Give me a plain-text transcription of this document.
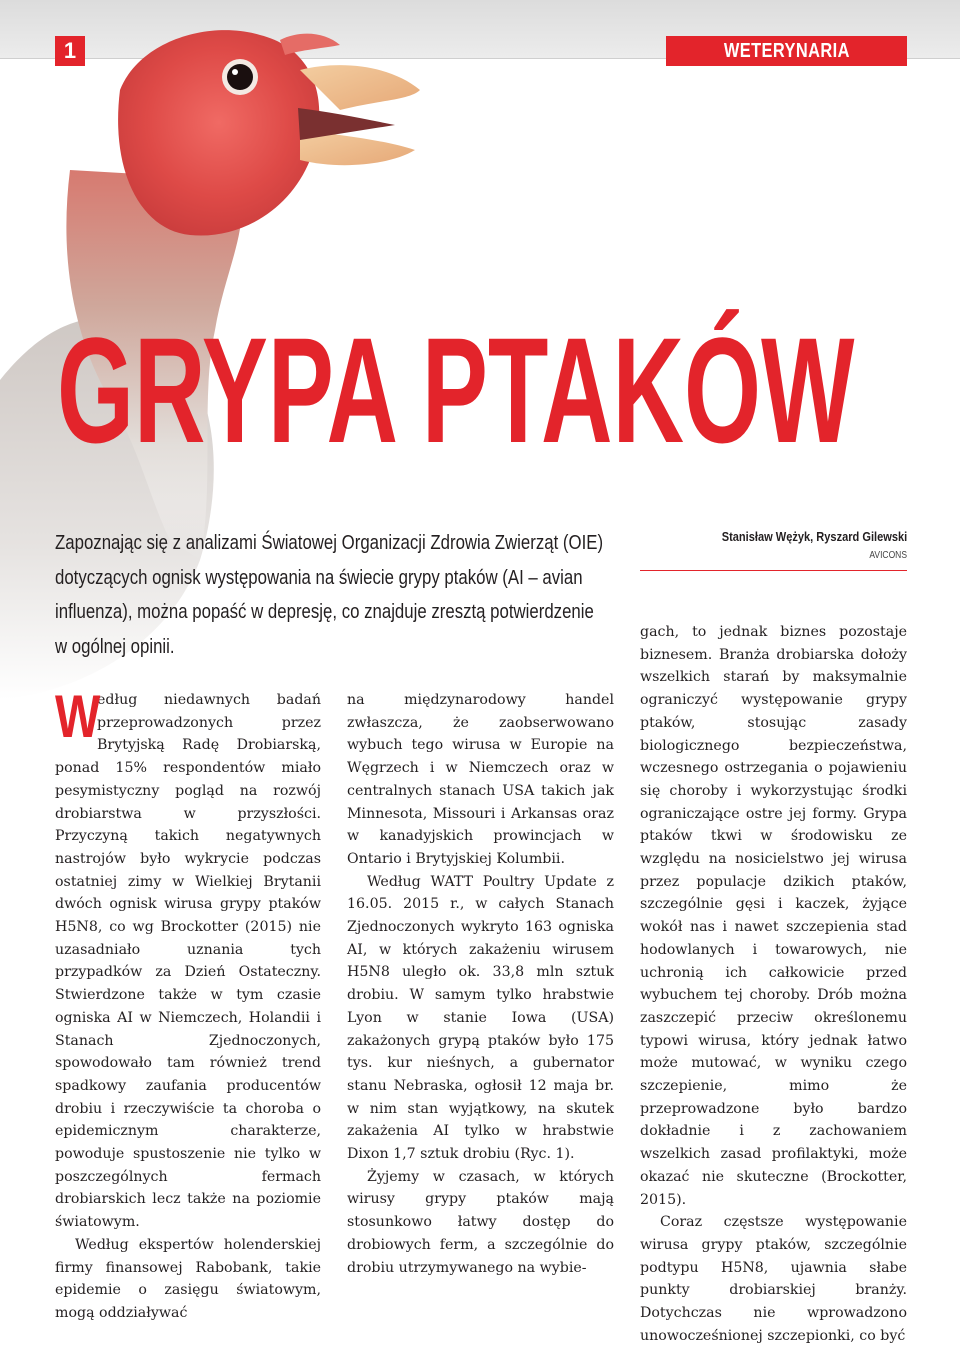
1	WETERYNARIA
GRYPA PTAKÓW
Zapoznając się z analizami Światowej Organizacji Zdrowia Zwierząt (OIE)
dotyczących ognisk występowania na świecie grypy ptaków (AI – avian
influenza), można popaść w depresję, co znajduje zresztą potwierdzenie
w ogólnej opinii.
Stanisław Wężyk, Ryszard Gilewski
AVICONS

W
edług niedawnych badań przeprowadzonych przez Brytyjską Radę Drobiarską, ponad 15% respondentów miało pesymistyczny pogląd na rozwój drobiarstwa w przyszłości. Przyczyną takich negatywnych nastrojów było wykrycie podczas ostatniej zimy w Wielkiej Brytanii dwóch ognisk wirusa grypy ptaków H5N8, co wg Brockotter (2015) nie uzasadniało uznania tych przypadków za Dzień Ostateczny. Stwierdzone także w tym czasie ogniska AI w Niemczech, Holandii i Stanach Zjednoczonych, spowodowało tam również trend spadkowy zaufania producentów drobiu i rzeczywiście ta choroba o epidemicznym charakterze, powoduje spustoszenie nie tylko w poszczególnych fermach drobiarskich lecz także na poziomie światowym.

Według ekspertów holenderskiej firmy finansowej Rabobank, takie epidemie o zasięgu światowym, mogą oddziaływać

na międzynarodowy handel zwłaszcza, że zaobserwowano wybuch tego wirusa w Europie na Węgrzech i w Niemczech oraz w centralnych stanach USA takich jak Minnesota, Missouri i Arkansas oraz w kanadyjskich prowincjach w Ontario i Brytyjskiej Kolumbii.

Według WATT Poultry Update z 16.05. 2015 r., w całych Stanach Zjednoczonych wykryto 163 ogniska AI, w których zakażeniu wirusem H5N8 uległo ok. 33,8 mln sztuk drobiu. W samym tylko hrabstwie Lyon w stanie Iowa (USA) zakażonych grypą ptaków było 175 tys. kur nieśnych, a gubernator stanu Nebraska, ogłosił 12 maja br. w nim stan wyjątkowy, na skutek zakażenia AI tylko w hrabstwie Dixon 1,7 sztuk drobiu (Ryc. 1).

Żyjemy w czasach, w których wirusy grypy ptaków mają stosunkowo łatwy dostęp do drobiowych ferm, a szczególnie do drobiu utrzymywanego na wybie-

gach, to jednak biznes pozostaje biznesem. Branża drobiarska dołoży wszelkich starań by maksymalnie ograniczyć występowanie grypy ptaków, stosując zasady biologicznego bezpieczeństwa, wczesnego ostrzegania o pojawieniu się choroby i wykorzystując środki ograniczające ostre jej formy. Grypa ptaków tkwi w środowisku ze względu na nosicielstwo jej wirusa przez populacje dzikich ptaków, szczególnie gęsi i kaczek, żyjące wokół nas i nawet szczepienia stad hodowlanych i towarowych, nie uchronią ich całkowicie przed wybuchem tej choroby. Drób można zaszczepić przeciw określonemu typowi wirusa, który jednak łatwo może mutować, w wyniku czego szczepienie, mimo że przeprowadzone było bardzo dokładnie i z zachowaniem wszelkich zasad profilaktyki, może okazać nie skuteczne (Brockotter, 2015).

Coraz częstsze występowanie wirusa grypy ptaków, szczególnie podtypu H5N8, ujawnia słabe punkty drobiarskiej branży. Dotychczas nie wprowadzono unowocześnionej szczepionki, co być
